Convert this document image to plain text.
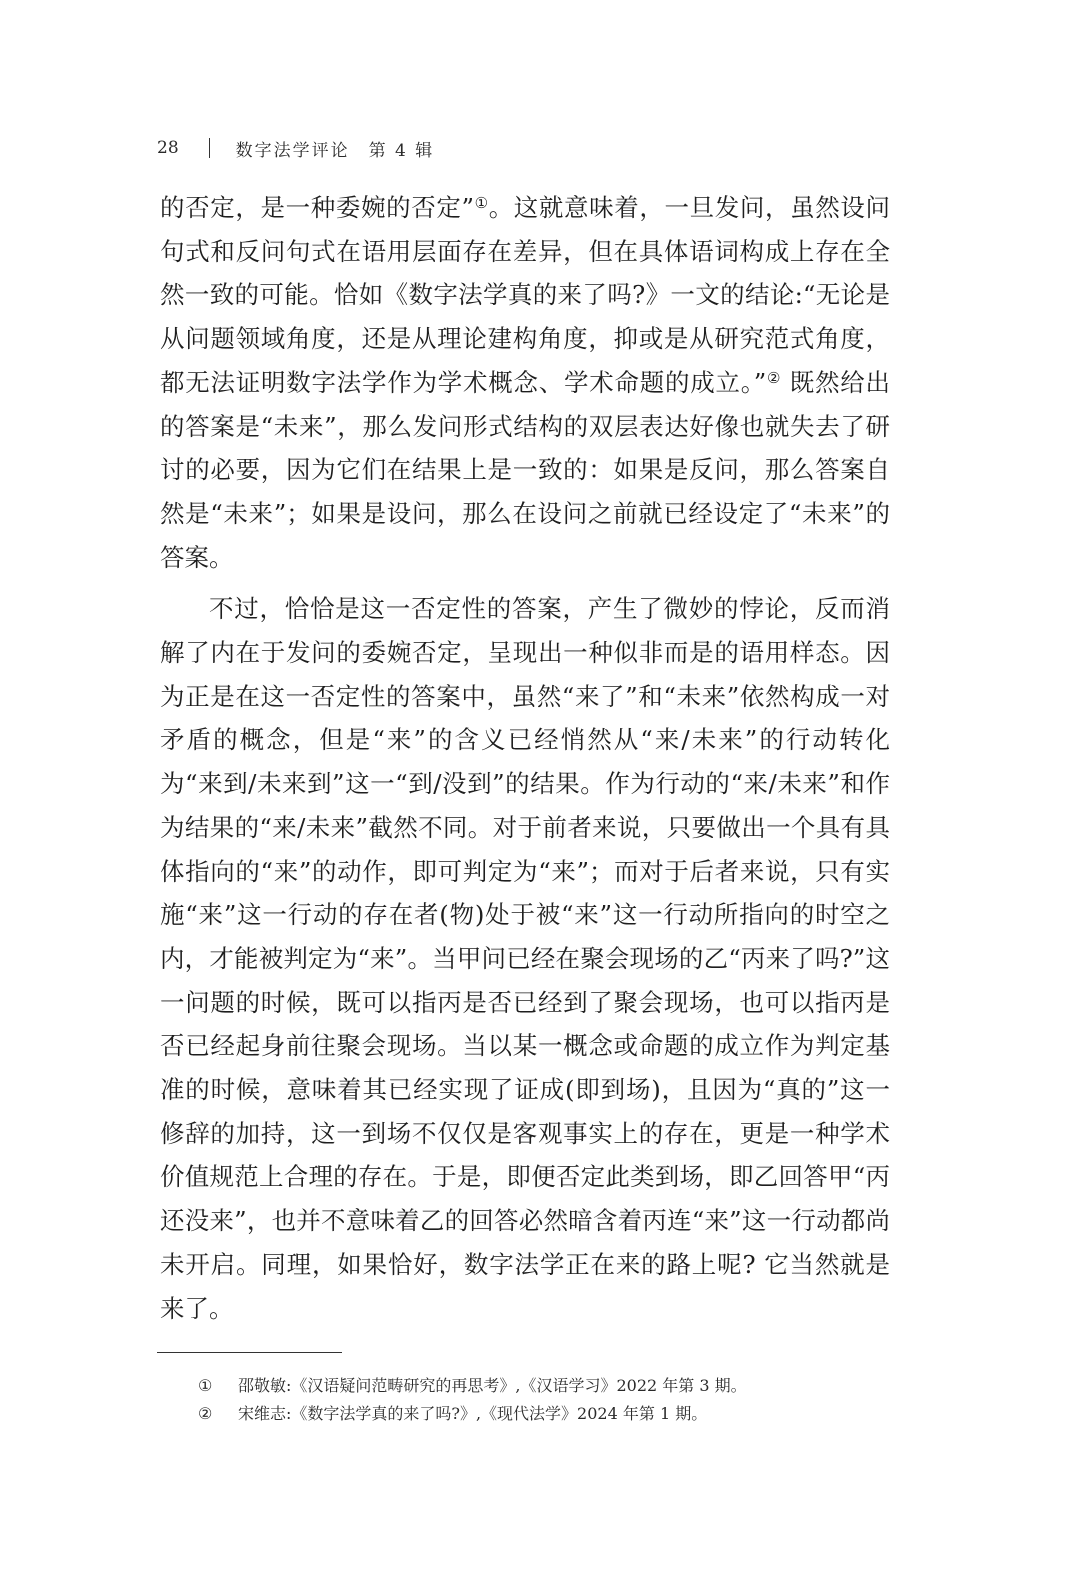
28	数字法学评论　第 4 辑

的否定，是一种委婉的否定”①。这就意味着，一旦发问，虽然设问句式和反问句式在语用层面存在差异，但在具体语词构成上存在全然一致的可能。恰如《数字法学真的来了吗?》一文的结论:“无论是从问题领域角度，还是从理论建构角度，抑或是从研究范式角度，都无法证明数字法学作为学术概念、学术命题的成立。”② 既然给出的答案是“未来”，那么发问形式结构的双层表达好像也就失去了研讨的必要，因为它们在结果上是一致的：如果是反问，那么答案自然是“未来”；如果是设问，那么在设问之前就已经设定了“未来”的答案。

不过，恰恰是这一否定性的答案，产生了微妙的悖论，反而消解了内在于发问的委婉否定，呈现出一种似非而是的语用样态。因为正是在这一否定性的答案中，虽然“来了”和“未来”依然构成一对矛盾的概念，但是“来”的含义已经悄然从“来/未来”的行动转化为“来到/未来到”这一“到/没到”的结果。作为行动的“来/未来”和作为结果的“来/未来”截然不同。对于前者来说，只要做出一个具有具体指向的“来”的动作，即可判定为“来”；而对于后者来说，只有实施“来”这一行动的存在者(物)处于被“来”这一行动所指向的时空之内，才能被判定为“来”。当甲问已经在聚会现场的乙“丙来了吗?”这一问题的时候，既可以指丙是否已经到了聚会现场，也可以指丙是否已经起身前往聚会现场。当以某一概念或命题的成立作为判定基准的时候，意味着其已经实现了证成(即到场)，且因为“真的”这一修辞的加持，这一到场不仅仅是客观事实上的存在，更是一种学术价值规范上合理的存在。于是，即便否定此类到场，即乙回答甲“丙还没来”，也并不意味着乙的回答必然暗含着丙连“来”这一行动都尚未开启。同理，如果恰好，数字法学正在来的路上呢? 它当然就是来了。

①	邵敬敏:《汉语疑问范畴研究的再思考》,《汉语学习》2022 年第 3 期。
②	宋维志:《数字法学真的来了吗?》,《现代法学》2024 年第 1 期。
